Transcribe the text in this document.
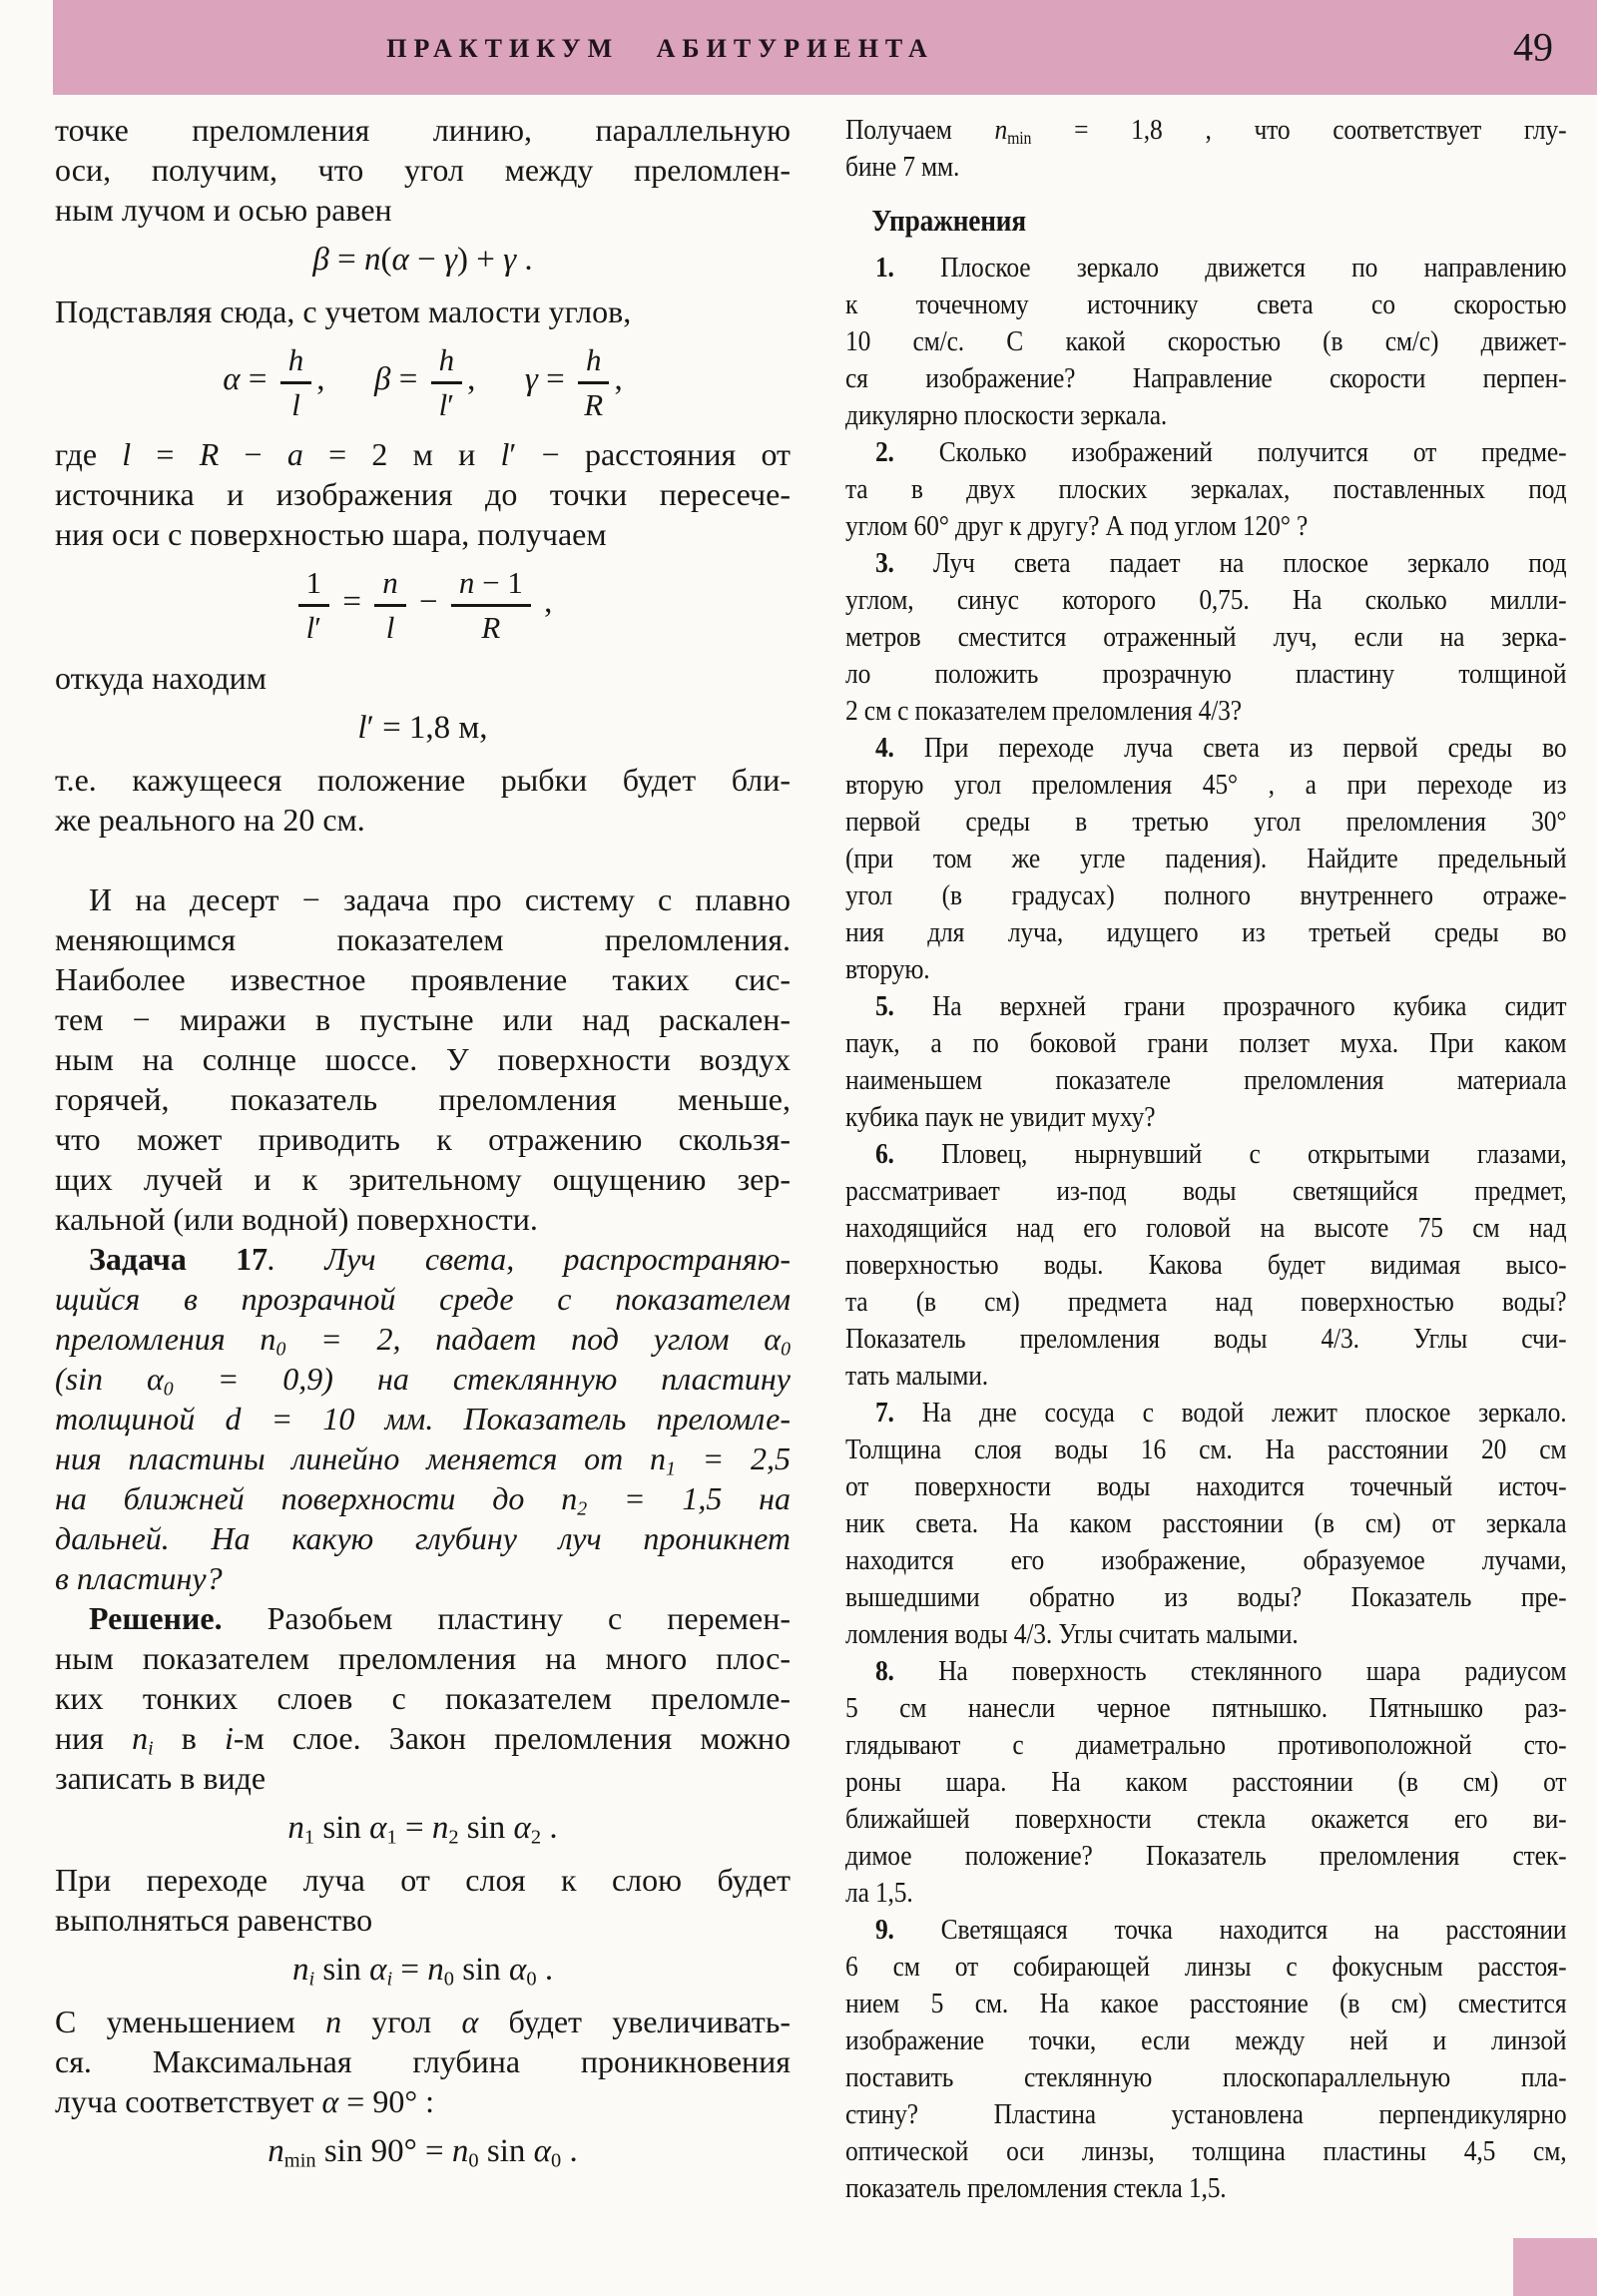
ПРАКТИКУМ АБИТУРИЕНТА	49
точке преломления линию, параллельную
оси, получим, что угол между преломлен-
ным лучом и осью равен
β = n(α − γ) + γ .
Подставляя сюда, с учетом малости углов,
$\alpha = \frac{h}{l}$ ,  $\beta = \frac{h}{l'}$ ,  $\gamma = \frac{h}{R}$ ,
где l = R − a = 2 м и l′ − расстояния от
источника и изображения до точки пересече-
ния оси с поверхностью шара, получаем
$\frac{1}{l'} = \frac{n}{l} - \frac{n - 1}{R}$ ,
откуда находим
l′ = 1,8 м,
т.е. кажущееся положение рыбки будет бли-
же реального на 20 см.
И на десерт − задача про систему с плавно
меняющимся показателем преломления.
Наиболее известное проявление таких сис-
тем − миражи в пустыне или над раскален-
ным на солнце шоссе. У поверхности воздух
горячей, показатель преломления меньше,
что может приводить к отражению скользя-
щих лучей и к зрительному ощущению зер-
кальной (или водной) поверхности.
Задача 17. Луч света, распространяю-
щийся в прозрачной среде с показателем
преломления $n_0 = 2$, падает под углом $\alpha_0$
(sin $\alpha_0 = 0,9$) на стеклянную пластину
толщиной d = 10 мм. Показатель преломле-
ния пластины линейно меняется от $n_1 = 2,5$
на ближней поверхности до $n_2 = 1,5$ на
дальней. На какую глубину луч проникнет
в пластину?
Решение. Разобьем пластину с перемен-
ным показателем преломления на много плос-
ких тонких слоев с показателем преломле-
ния $n_i$ в i-м слое. Закон преломления можно
записать в виде
$n_1$ $\sin \alpha_1 = n_2$ $\sin \alpha_2$ .
При переходе луча от слоя к слою будет
выполняться равенство
$n_i$ $\sin \alpha_i = n_0$ $\sin \alpha_0$ .
С уменьшением n угол α будет увеличивать-
ся. Максимальная глубина проникновения
луча соответствует α = 90° :
$n_{min}$ $\sin 90^\circ = n_0$ $\sin \alpha_0$ .
Получаем $n_{min} = 1,8$ , что соответствует глу-
бине 7 мм.
Упражнения
1. Плоское зеркало движется по направлению
к точечному источнику света со скоростью
10 см/с. С какой скоростью (в см/с) движет-
ся изображение? Направление скорости перпен-
дикулярно плоскости зеркала.
2. Сколько изображений получится от предме-
та в двух плоских зеркалах, поставленных под
углом 60° друг к другу? А под углом 120° ?
3. Луч света падает на плоское зеркало под
углом, синус которого 0,75. На сколько милли-
метров сместится отраженный луч, если на зерка-
ло положить прозрачную пластину толщиной
2 см с показателем преломления 4/3?
4. При переходе луча света из первой среды во
вторую угол преломления 45° , а при переходе из
первой среды в третью угол преломления 30°
(при том же угле падения). Найдите предельный
угол (в градусах) полного внутреннего отраже-
ния для луча, идущего из третьей среды во
вторую.
5. На верхней грани прозрачного кубика сидит
паук, а по боковой грани ползет муха. При каком
наименьшем показателе преломления материала
кубика паук не увидит муху?
6. Пловец, нырнувший с открытыми глазами,
рассматривает из-под воды светящийся предмет,
находящийся над его головой на высоте 75 см над
поверхностью воды. Какова будет видимая высо-
та (в см) предмета над поверхностью воды?
Показатель преломления воды 4/3. Углы счи-
тать малыми.
7. На дне сосуда с водой лежит плоское зеркало.
Толщина слоя воды 16 см. На расстоянии 20 см
от поверхности воды находится точечный источ-
ник света. На каком расстоянии (в см) от зеркала
находится его изображение, образуемое лучами,
вышедшими обратно из воды? Показатель пре-
ломления воды 4/3. Углы считать малыми.
8. На поверхность стеклянного шара радиусом
5 см нанесли черное пятнышко. Пятнышко раз-
глядывают с диаметрально противоположной сто-
роны шара. На каком расстоянии (в см) от
ближайшей поверхности стекла окажется его ви-
димое положение? Показатель преломления стек-
ла 1,5.
9. Светящаяся точка находится на расстоянии
6 см от собирающей линзы с фокусным расстоя-
нием 5 см. На какое расстояние (в см) сместится
изображение точки, если между ней и линзой
поставить стеклянную плоскопараллельную пла-
стину? Пластина установлена перпендикулярно
оптической оси линзы, толщина пластины 4,5 см,
показатель преломления стекла 1,5.
